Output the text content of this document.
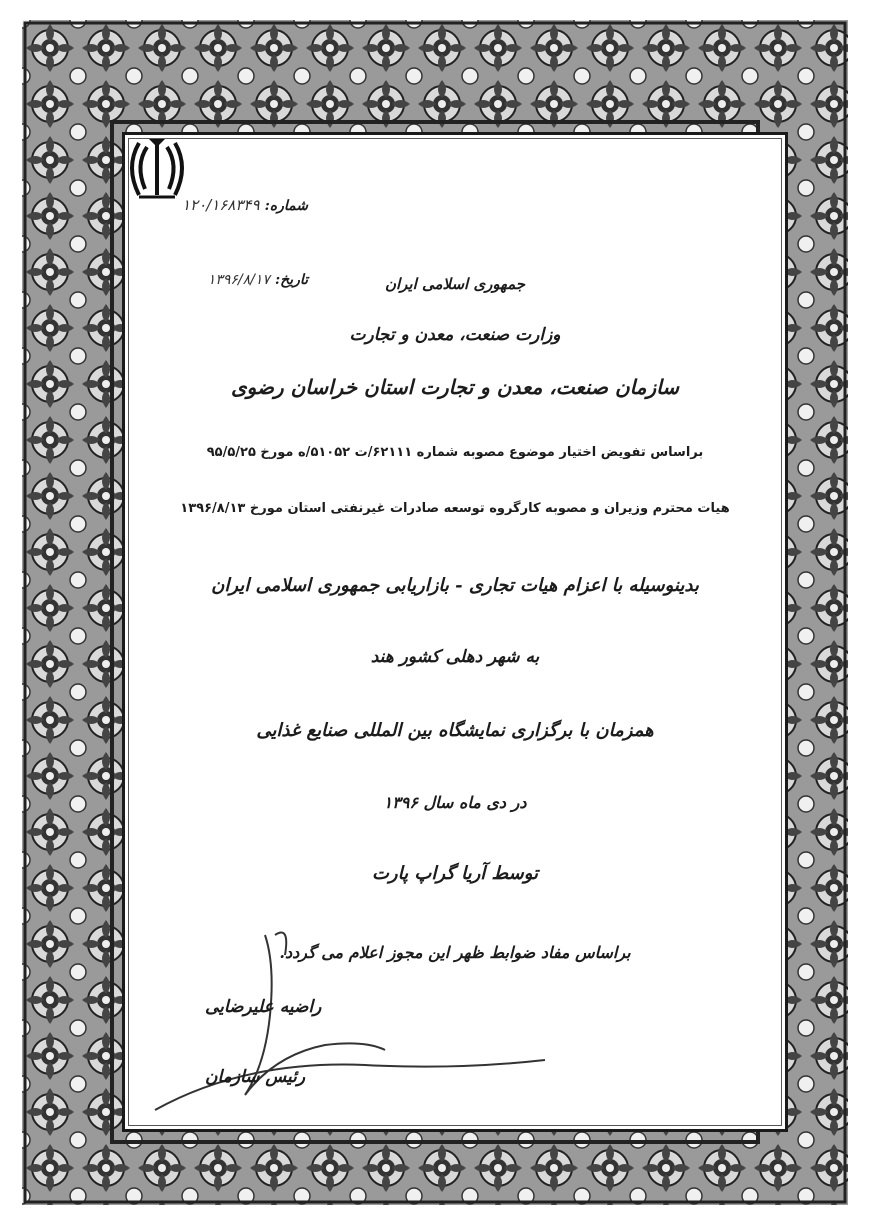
شماره: ۱۲۰/۱۶۸۳۴۹
تاریخ: ۱۳۹۶/۸/۱۷	جمهوری اسلامی ایران
وزارت صنعت، معدن و تجارت
سازمان صنعت، معدن و تجارت استان خراسان رضوی
براساس تفویض اختیار موضوع مصوبه شماره ۶۲۱۱۱/ت ۵۱۰۵۲/ه مورخ ۹۵/۵/۲۵
هیات محترم وزیران و مصوبه کارگروه توسعه صادرات غیرنفتی استان مورخ ۱۳۹۶/۸/۱۳
بدینوسیله با اعزام هیات تجاری - بازاریابی جمهوری اسلامی ایران
به شهر دهلی کشور هند
همزمان با برگزاری نمایشگاه بین المللی صنایع غذایی
در دی ماه سال ۱۳۹۶
توسط آریا گراپ پارت
براساس مفاد ضوابط ظهر این مجوز اعلام می گردد.
راضیه علیرضایی
رئیس سازمان
